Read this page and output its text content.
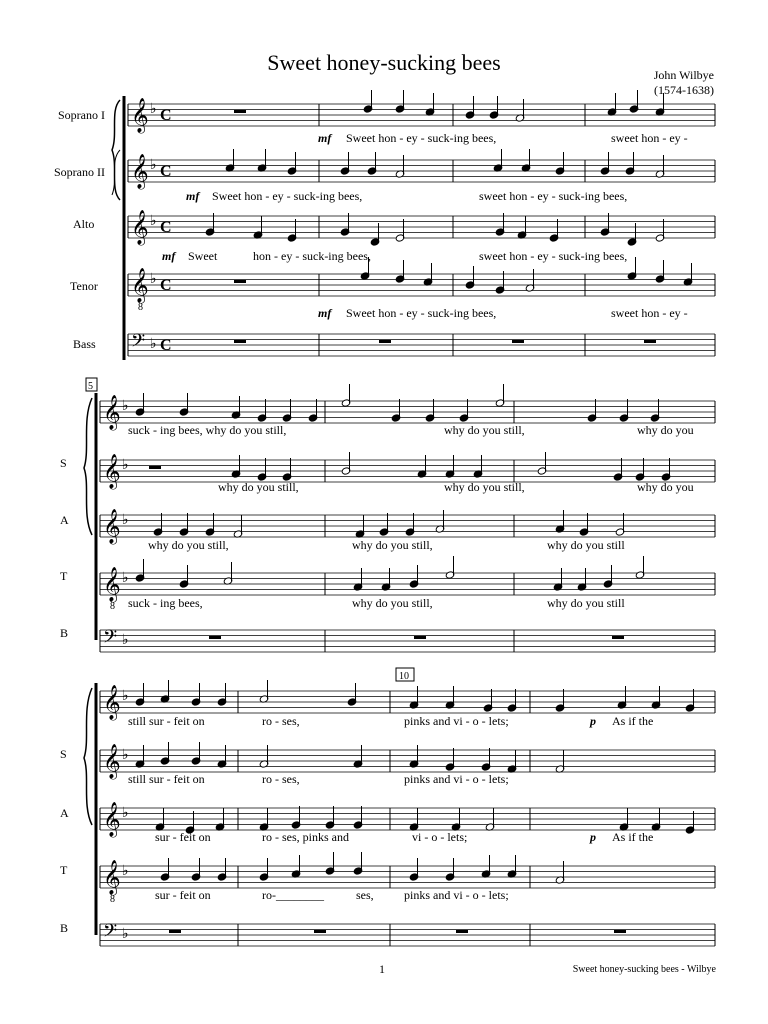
Sweet honey-sucking bees	John Wilbye
(1574-1638)
Soprano I
Soprano II
Alto
Tenor
Bass
𝄞 ♭ C
𝄞 ♭ C
𝄞 ♭ C
𝄞 ♭
8
C
𝄢 ♭ C
mf Sweet hon - ey - suck-ing bees,	sweet hon - ey -
mf Sweet hon - ey - suck-ing bees,	sweet hon - ey - suck-ing bees,
mf Sweet	hon - ey - suck-ing bees,	sweet hon - ey - suck-ing bees,
mf Sweet hon - ey - suck-ing bees,	sweet hon - ey -
5
S
A
T
B
𝄞 ♭
𝄞 ♭
𝄞 ♭
𝄞 ♭
8
𝄢 ♭
suck - ing bees, why do you still,	why do you still,	why do you
why do you still,	why do you still,	why do you
why do you still,	why do you still,	why do you still
suck - ing bees,	why do you still,	why do you still
10
S
A
T
B
𝄞 ♭
𝄞 ♭
𝄞 ♭
𝄞 ♭
8
𝄢 ♭
still sur - feit on	ro - ses,	pinks and vi - o - lets;	p As if the
still sur - feit on	ro - ses,	pinks and vi - o - lets;
sur - feit on	ro - ses, pinks and	vi - o - lets;	p As if the
sur - feit on	ro-________	ses,	pinks and vi - o - lets;
1	Sweet honey-sucking bees - Wilbye
